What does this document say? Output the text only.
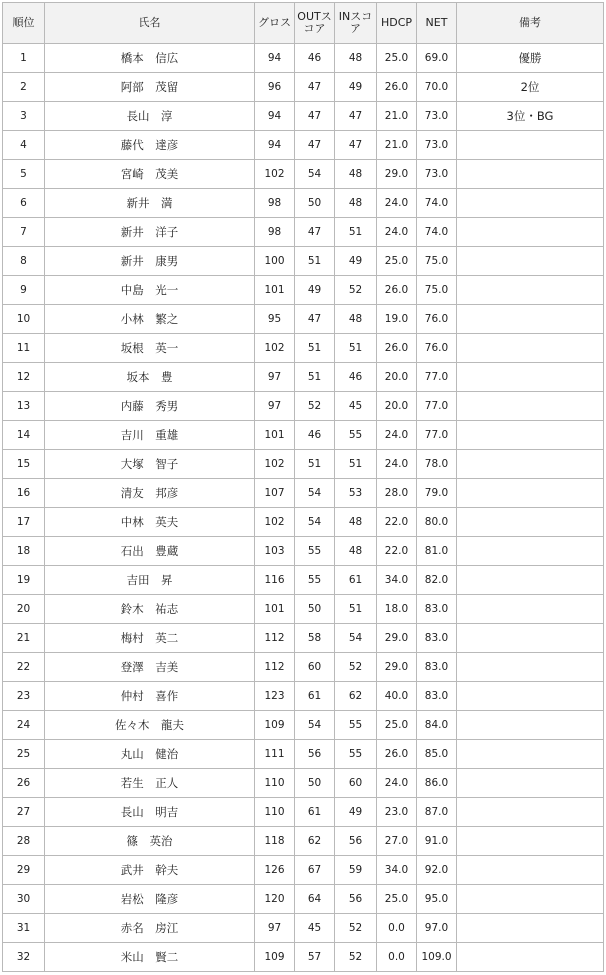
順位	氏名	グロス	OUTスコア	INスコア	HDCP	NET	備考
1	橋本　信広	94	46	48	25.0	69.0	優勝
2	阿部　茂留	96	47	49	26.0	70.0	2位
3	長山　淳	94	47	47	21.0	73.0	3位・BG
4	藤代　達彦	94	47	47	21.0	73.0	
5	宮崎　茂美	102	54	48	29.0	73.0	
6	新井　満	98	50	48	24.0	74.0	
7	新井　洋子	98	47	51	24.0	74.0	
8	新井　康男	100	51	49	25.0	75.0	
9	中島　光一	101	49	52	26.0	75.0	
10	小林　繁之	95	47	48	19.0	76.0	
11	坂根　英一	102	51	51	26.0	76.0	
12	坂本　豊	97	51	46	20.0	77.0	
13	内藤　秀男	97	52	45	20.0	77.0	
14	吉川　重雄	101	46	55	24.0	77.0	
15	大塚　智子	102	51	51	24.0	78.0	
16	清友　邦彦	107	54	53	28.0	79.0	
17	中林　英夫	102	54	48	22.0	80.0	
18	石出　豊蔵	103	55	48	22.0	81.0	
19	吉田　昇	116	55	61	34.0	82.0	
20	鈴木　祐志	101	50	51	18.0	83.0	
21	梅村　英二	112	58	54	29.0	83.0	
22	登澤　吉美	112	60	52	29.0	83.0	
23	仲村　喜作	123	61	62	40.0	83.0	
24	佐々木　龍夫	109	54	55	25.0	84.0	
25	丸山　健治	111	56	55	26.0	85.0	
26	若生　正人	110	50	60	24.0	86.0	
27	長山　明吉	110	61	49	23.0	87.0	
28	篠　英治	118	62	56	27.0	91.0	
29	武井　幹夫	126	67	59	34.0	92.0	
30	岩松　隆彦	120	64	56	25.0	95.0	
31	赤名　房江	97	45	52	0.0	97.0	
32	米山　賢二	109	57	52	0.0	109.0	
